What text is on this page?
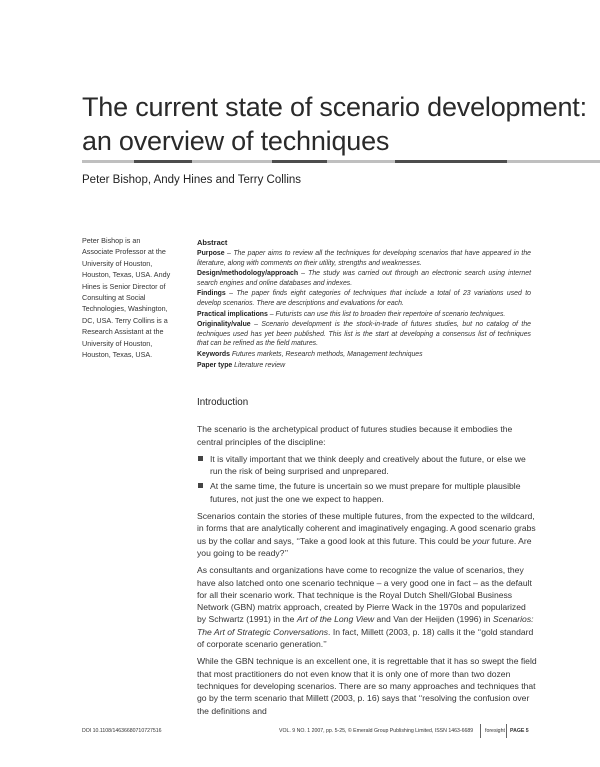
The current state of scenario development:
an overview of techniques
Peter Bishop, Andy Hines and Terry Collins
Peter Bishop is an
Associate Professor at the
University of Houston,
Houston, Texas, USA. Andy
Hines is Senior Director of
Consulting at Social
Technologies, Washington,
DC, USA. Terry Collins is a
Research Assistant at the
University of Houston,
Houston, Texas, USA.
Abstract

Purpose – The paper aims to review all the techniques for developing scenarios that have appeared in the literature, along with comments on their utility, strengths and weaknesses.

Design/methodology/approach – The study was carried out through an electronic search using internet search engines and online databases and indexes.

Findings – The paper finds eight categories of techniques that include a total of 23 variations used to develop scenarios. There are descriptions and evaluations for each.

Practical implications – Futurists can use this list to broaden their repertoire of scenario techniques.

Originality/value – Scenario development is the stock-in-trade of futures studies, but no catalog of the techniques used has yet been published. This list is the start at developing a consensus list of techniques that can be refined as the field matures.

Keywords Futures markets, Research methods, Management techniques

Paper type Literature review

Introduction

The scenario is the archetypical product of futures studies because it embodies the central principles of the discipline:

It is vitally important that we think deeply and creatively about the future, or else we run the risk of being surprised and unprepared.
At the same time, the future is uncertain so we must prepare for multiple plausible futures, not just the one we expect to happen.

Scenarios contain the stories of these multiple futures, from the expected to the wildcard, in forms that are analytically coherent and imaginatively engaging. A good scenario grabs us by the collar and says, ‘‘Take a good look at this future. This could be your future. Are you going to be ready?’’

As consultants and organizations have come to recognize the value of scenarios, they have also latched onto one scenario technique – a very good one in fact – as the default for all their scenario work. That technique is the Royal Dutch Shell/Global Business Network (GBN) matrix approach, created by Pierre Wack in the 1970s and popularized by Schwartz (1991) in the Art of the Long View and Van der Heijden (1996) in Scenarios: The Art of Strategic Conversations. In fact, Millett (2003, p. 18) calls it the ‘‘gold standard of corporate scenario generation.’’

While the GBN technique is an excellent one, it is regrettable that it has so swept the field that most practitioners do not even know that it is only one of more than two dozen techniques for developing scenarios. There are so many approaches and techniques that go by the term scenario that Millett (2003, p. 16) says that ‘‘resolving the confusion over the definitions and

DOI 10.1108/14636680710727516	VOL. 9 NO. 1 2007, pp. 5-25, © Emerald Group Publishing Limited, ISSN 1463-6689 foresight PAGE 5
